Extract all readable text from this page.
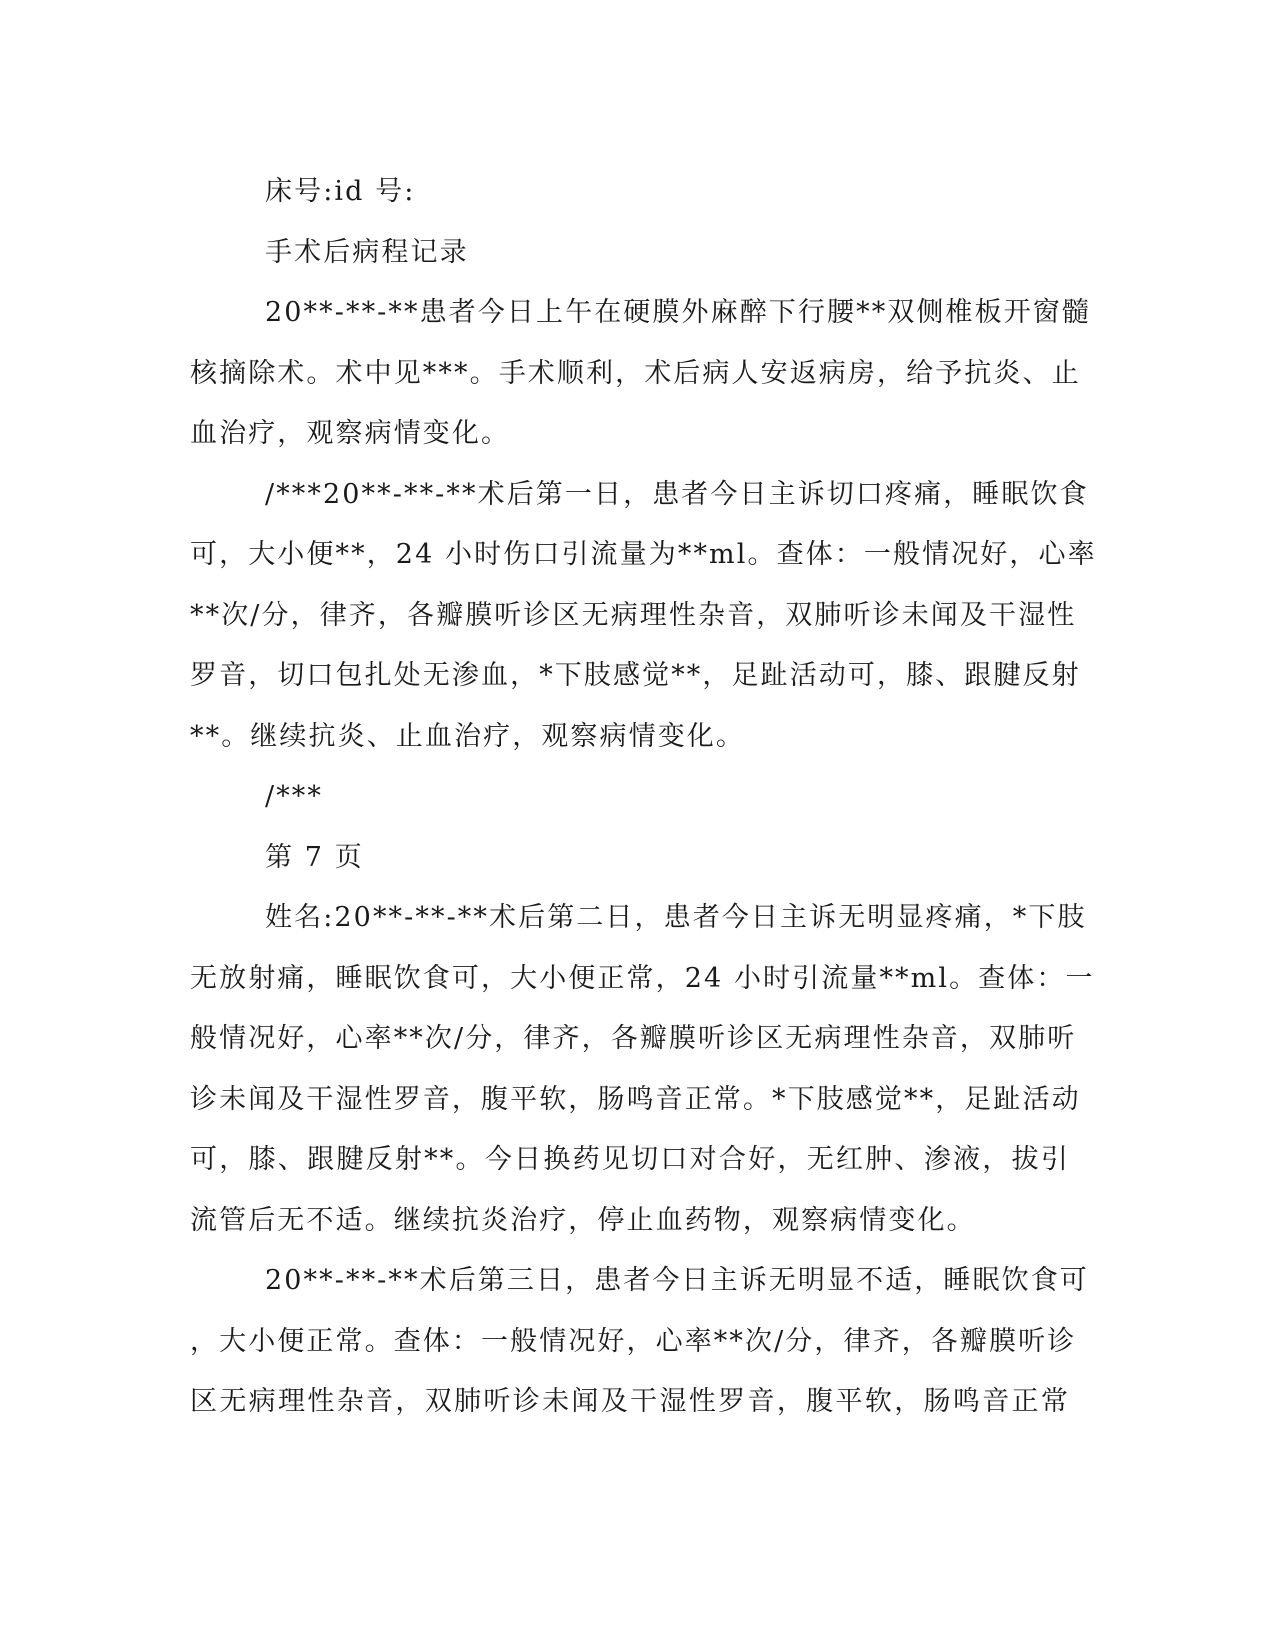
床号:id 号:
手术后病程记录
20**-**-**患者今日上午在硬膜外麻醉下行腰**双侧椎板开窗髓
核摘除术。术中见***。手术顺利，术后病人安返病房，给予抗炎、止
血治疗，观察病情变化。
/***20**-**-**术后第一日，患者今日主诉切口疼痛，睡眠饮食
可，大小便**，24 小时伤口引流量为**ml。查体：一般情况好，心率
**次/分，律齐，各瓣膜听诊区无病理性杂音，双肺听诊未闻及干湿性
罗音，切口包扎处无渗血，*下肢感觉**，足趾活动可，膝、跟腱反射
**。继续抗炎、止血治疗，观察病情变化。
/***
第 7 页
姓名:20**-**-**术后第二日，患者今日主诉无明显疼痛，*下肢
无放射痛，睡眠饮食可，大小便正常，24 小时引流量**ml。查体：一
般情况好，心率**次/分，律齐，各瓣膜听诊区无病理性杂音，双肺听
诊未闻及干湿性罗音，腹平软，肠鸣音正常。*下肢感觉**，足趾活动
可，膝、跟腱反射**。今日换药见切口对合好，无红肿、渗液，拔引
流管后无不适。继续抗炎治疗，停止血药物，观察病情变化。
20**-**-**术后第三日，患者今日主诉无明显不适，睡眠饮食可
，大小便正常。查体：一般情况好，心率**次/分，律齐，各瓣膜听诊
区无病理性杂音，双肺听诊未闻及干湿性罗音，腹平软，肠鸣音正常
